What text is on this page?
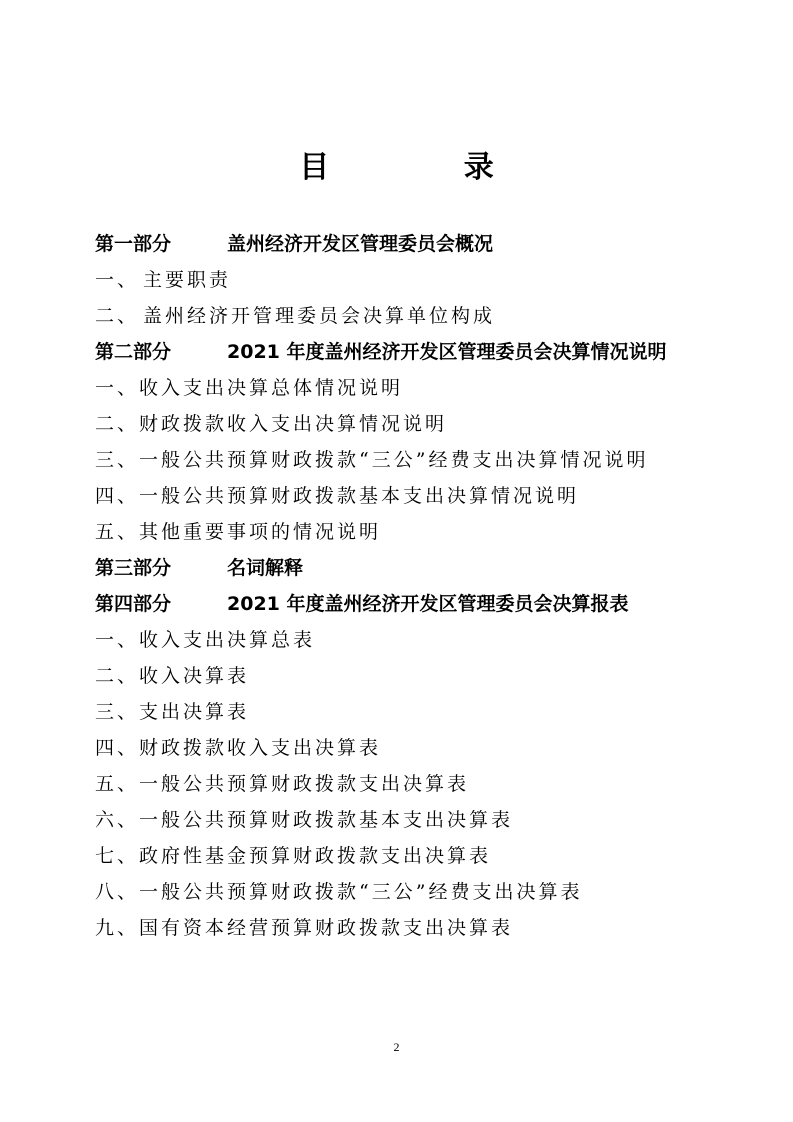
目 录
第一部分	盖州经济开发区管理委员会概况
一、 主要职责
二、 盖州经济开管理委员会决算单位构成
第二部分	2021 年度盖州经济开发区管理委员会决算情况说明
一、收入支出决算总体情况说明
二、财政拨款收入支出决算情况说明
三、一般公共预算财政拨款“三公”经费支出决算情况说明
四、一般公共预算财政拨款基本支出决算情况说明
五、其他重要事项的情况说明
第三部分	名词解释
第四部分	2021 年度盖州经济开发区管理委员会决算报表
一、收入支出决算总表
二、收入决算表
三、支出决算表
四、财政拨款收入支出决算表
五、一般公共预算财政拨款支出决算表
六、一般公共预算财政拨款基本支出决算表
七、政府性基金预算财政拨款支出决算表
八、一般公共预算财政拨款“三公”经费支出决算表
九、国有资本经营预算财政拨款支出决算表
2
